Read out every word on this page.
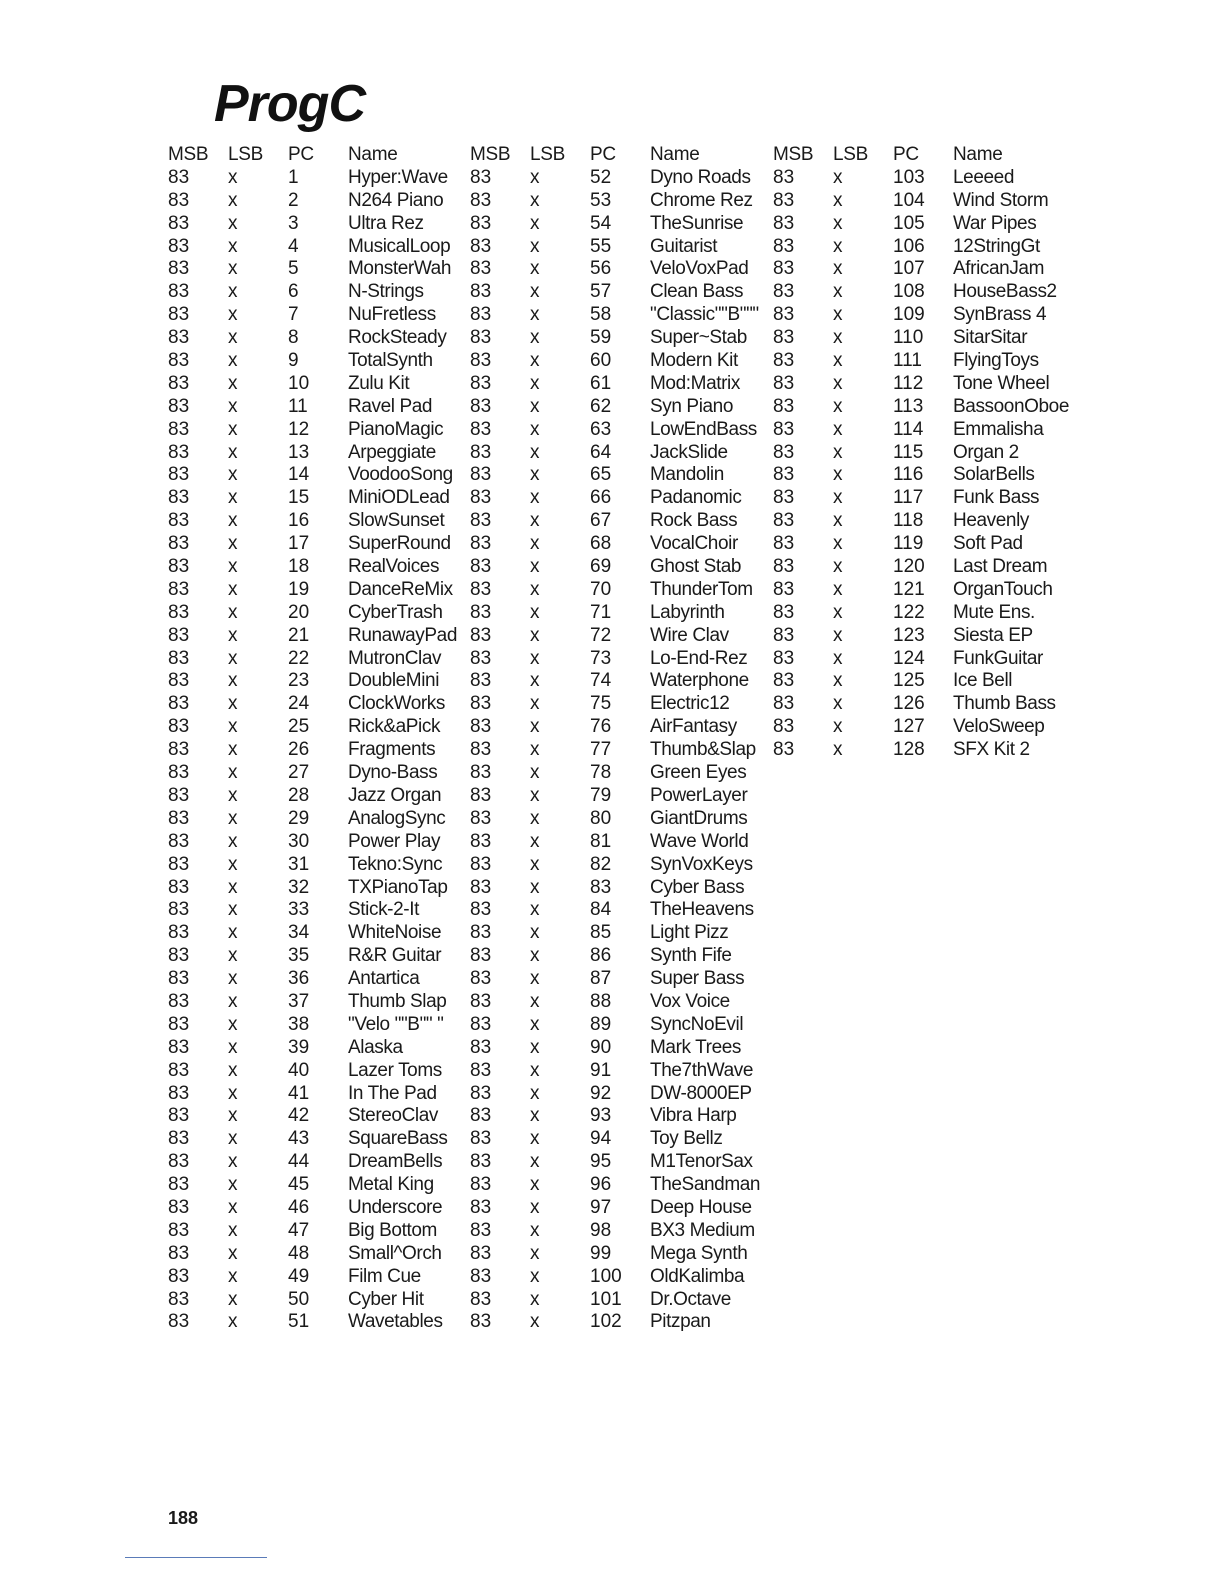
ProgC
MSB	LSB	PC	Name
83	x	1	Hyper:Wave
83	x	2	N264 Piano
83	x	3	Ultra Rez
83	x	4	MusicalLoop
83	x	5	MonsterWah
83	x	6	N-Strings
83	x	7	NuFretless
83	x	8	RockSteady
83	x	9	TotalSynth
83	x	10	Zulu Kit
83	x	11	Ravel Pad
83	x	12	PianoMagic
83	x	13	Arpeggiate
83	x	14	VoodooSong
83	x	15	MiniODLead
83	x	16	SlowSunset
83	x	17	SuperRound
83	x	18	RealVoices
83	x	19	DanceReMix
83	x	20	CyberTrash
83	x	21	RunawayPad
83	x	22	MutronClav
83	x	23	DoubleMini
83	x	24	ClockWorks
83	x	25	Rick&aPick
83	x	26	Fragments
83	x	27	Dyno-Bass
83	x	28	Jazz Organ
83	x	29	AnalogSync
83	x	30	Power Play
83	x	31	Tekno:Sync
83	x	32	TXPianoTap
83	x	33	Stick-2-It
83	x	34	WhiteNoise
83	x	35	R&R Guitar
83	x	36	Antartica
83	x	37	Thumb Slap
83	x	38	"Velo ""B"" "
83	x	39	Alaska
83	x	40	Lazer Toms
83	x	41	In The Pad
83	x	42	StereoClav
83	x	43	SquareBass
83	x	44	DreamBells
83	x	45	Metal King
83	x	46	Underscore
83	x	47	Big Bottom
83	x	48	Small^Orch
83	x	49	Film Cue
83	x	50	Cyber Hit
83	x	51	Wavetables
MSB	LSB	PC	Name
83	x	52	Dyno Roads
83	x	53	Chrome Rez
83	x	54	TheSunrise
83	x	55	Guitarist
83	x	56	VeloVoxPad
83	x	57	Clean Bass
83	x	58	"Classic""B"""
83	x	59	Super~Stab
83	x	60	Modern Kit
83	x	61	Mod:Matrix
83	x	62	Syn Piano
83	x	63	LowEndBass
83	x	64	JackSlide
83	x	65	Mandolin
83	x	66	Padanomic
83	x	67	Rock Bass
83	x	68	VocalChoir
83	x	69	Ghost Stab
83	x	70	ThunderTom
83	x	71	Labyrinth
83	x	72	Wire Clav
83	x	73	Lo-End-Rez
83	x	74	Waterphone
83	x	75	Electric12
83	x	76	AirFantasy
83	x	77	Thumb&Slap
83	x	78	Green Eyes
83	x	79	PowerLayer
83	x	80	GiantDrums
83	x	81	Wave World
83	x	82	SynVoxKeys
83	x	83	Cyber Bass
83	x	84	TheHeavens
83	x	85	Light Pizz
83	x	86	Synth Fife
83	x	87	Super Bass
83	x	88	Vox Voice
83	x	89	SyncNoEvil
83	x	90	Mark Trees
83	x	91	The7thWave
83	x	92	DW-8000EP
83	x	93	Vibra Harp
83	x	94	Toy Bellz
83	x	95	M1TenorSax
83	x	96	TheSandman
83	x	97	Deep House
83	x	98	BX3 Medium
83	x	99	Mega Synth
83	x	100	OldKalimba
83	x	101	Dr.Octave
83	x	102	Pitzpan
MSB	LSB	PC	Name
83	x	103	Leeeed
83	x	104	Wind Storm
83	x	105	War Pipes
83	x	106	12StringGt
83	x	107	AfricanJam
83	x	108	HouseBass2
83	x	109	SynBrass 4
83	x	110	SitarSitar
83	x	111	FlyingToys
83	x	112	Tone Wheel
83	x	113	BassoonOboe
83	x	114	Emmalisha
83	x	115	Organ 2
83	x	116	SolarBells
83	x	117	Funk Bass
83	x	118	Heavenly
83	x	119	Soft Pad
83	x	120	Last Dream
83	x	121	OrganTouch
83	x	122	Mute Ens.
83	x	123	Siesta EP
83	x	124	FunkGuitar
83	x	125	Ice Bell
83	x	126	Thumb Bass
83	x	127	VeloSweep
83	x	128	SFX Kit 2
188
